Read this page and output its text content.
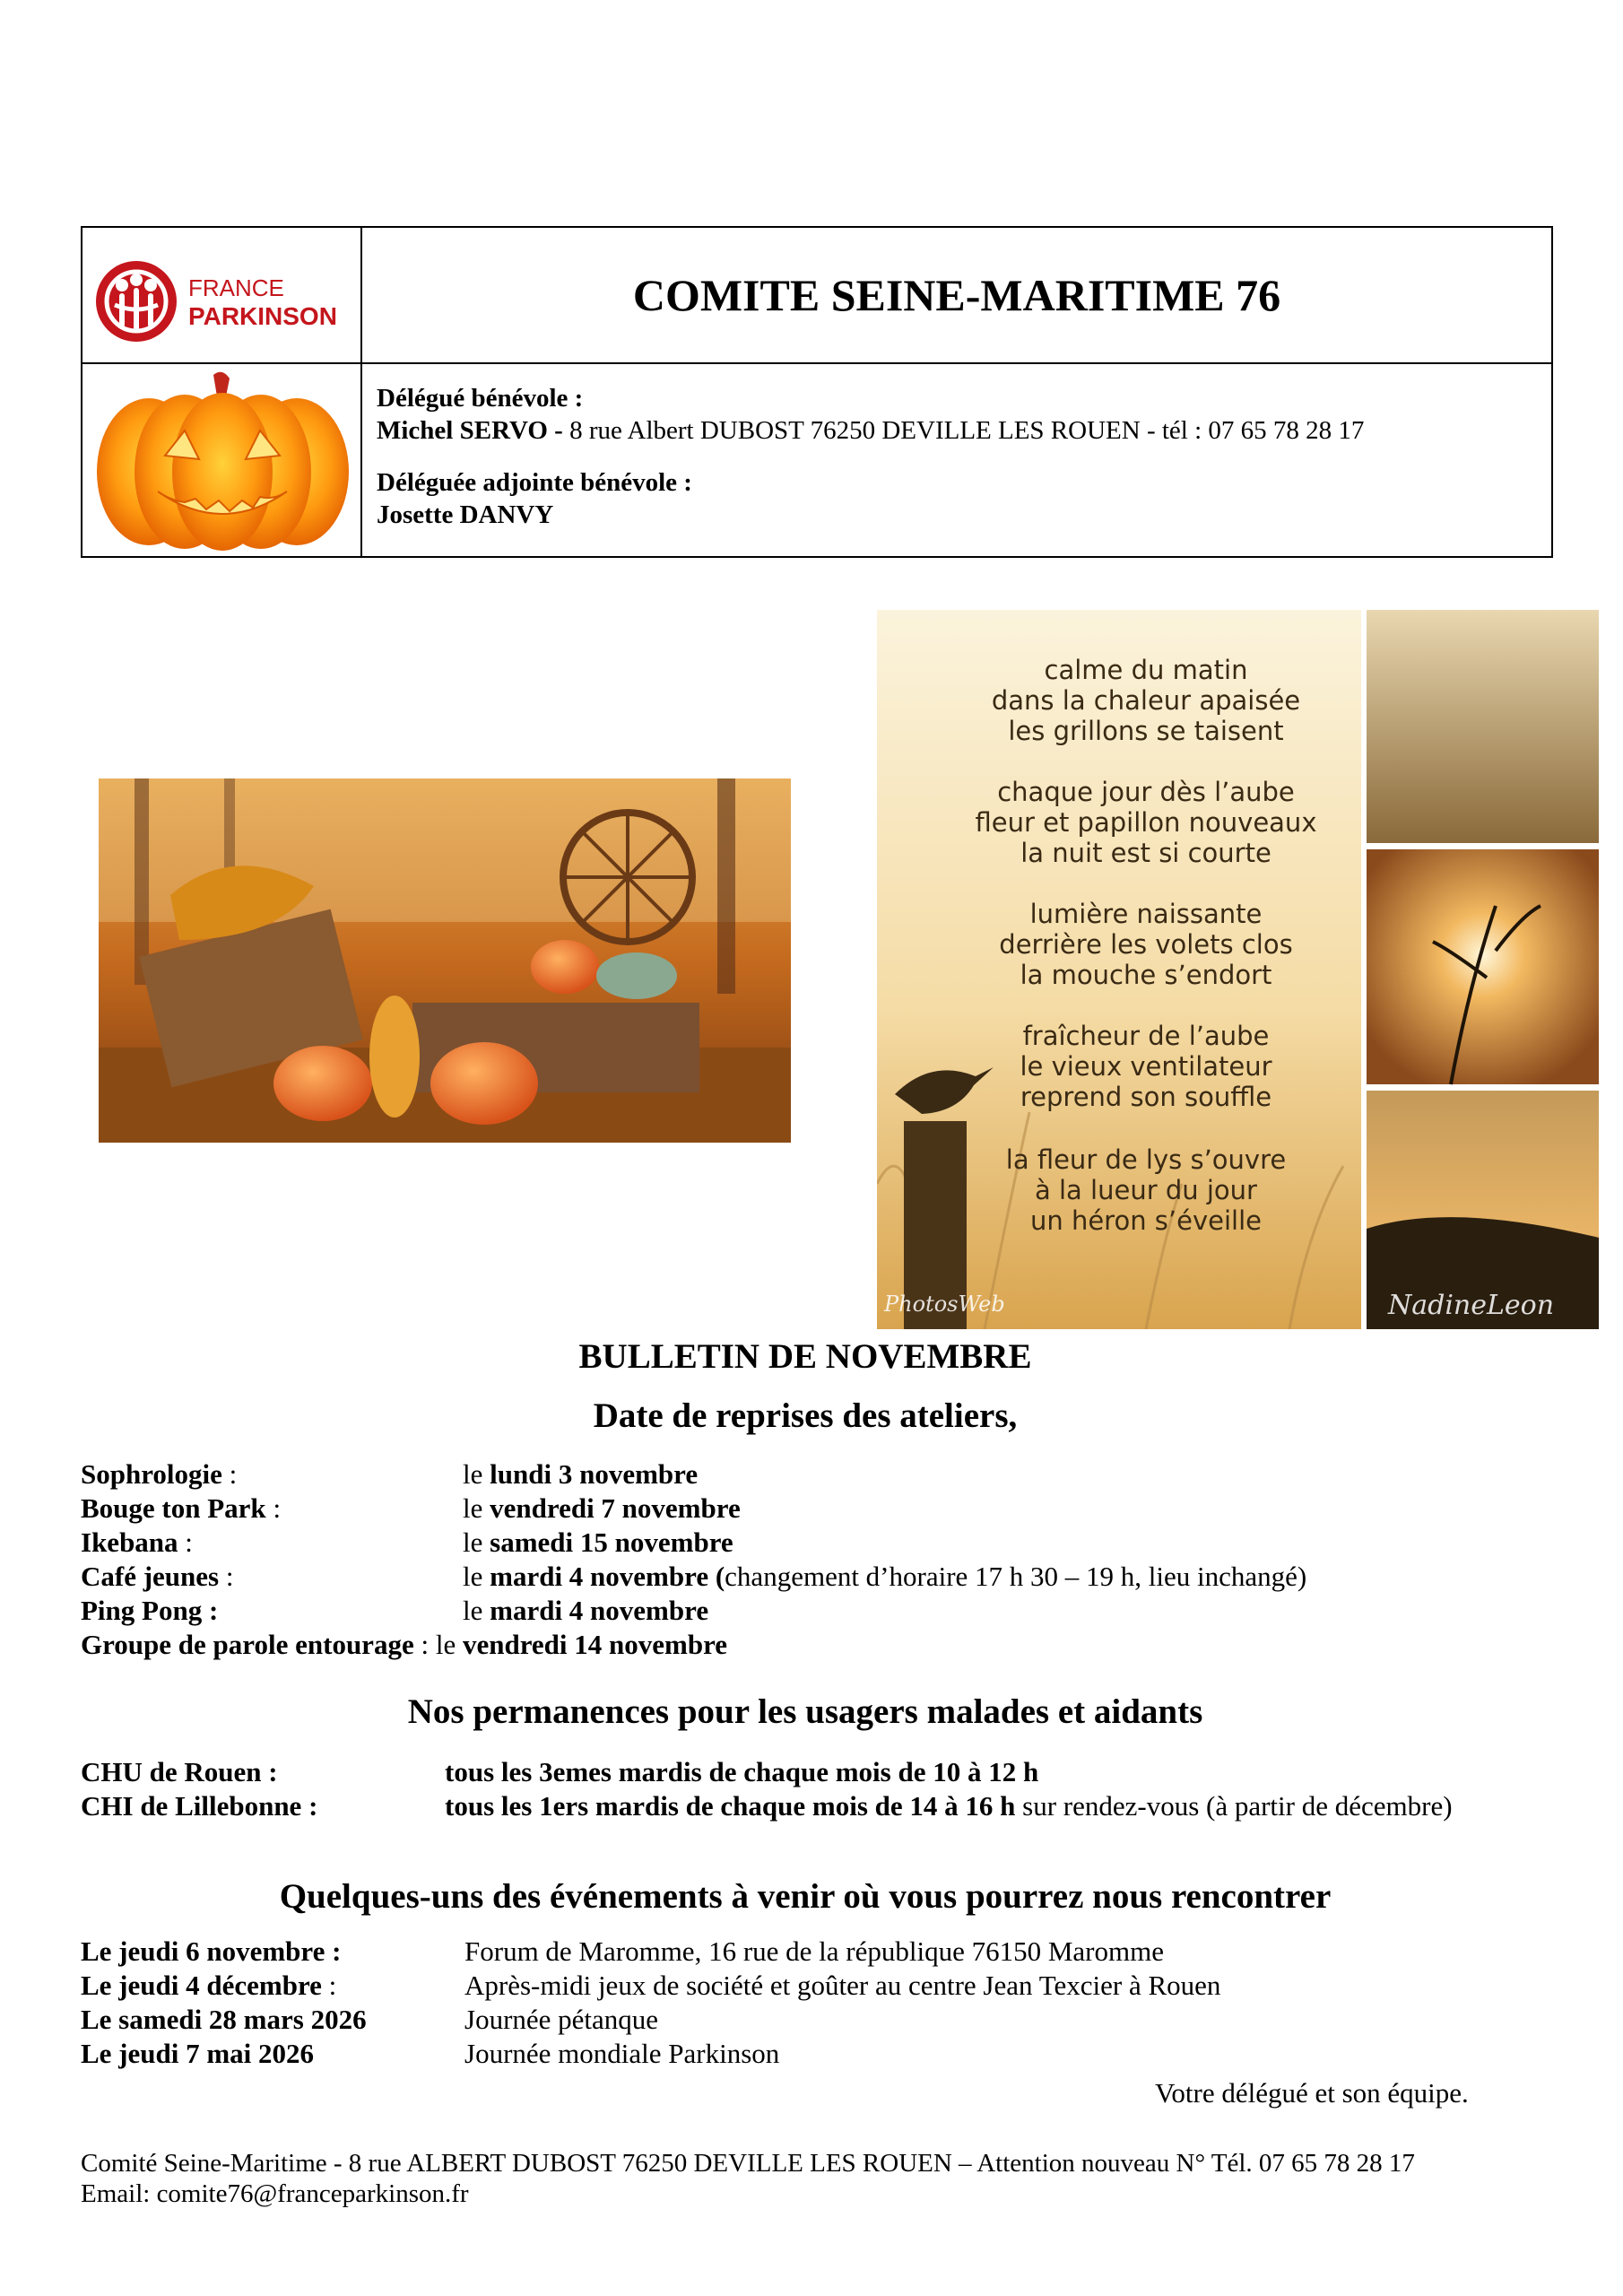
FRANCE
PARKINSON	COMITE SEINE-MARITIME 76
Délégué bénévole :
Michel SERVO - 8 rue Albert DUBOST 76250 DEVILLE LES ROUEN - tél : 07 65 78 28 17
Déléguée adjointe bénévole :
Josette DANVY
calme du matin
dans la chaleur apaisée
les grillons se taisent
chaque jour dès l’aube
fleur et papillon nouveaux
la nuit est si courte
lumière naissante
derrière les volets clos
la mouche s’endort
fraîcheur de l’aube
le vieux ventilateur
reprend son souffle
la fleur de lys s’ouvre
à la lueur du jour
un héron s’éveille
PhotosWeb	NadineLeon
BULLETIN DE NOVEMBRE
Date de reprises des ateliers,
Sophrologie :	le lundi 3 novembre
Bouge ton Park :	le vendredi 7 novembre
Ikebana :	le samedi 15 novembre
Café jeunes :	le mardi 4 novembre (changement d’horaire 17 h 30 – 19 h, lieu inchangé)
Ping Pong :	le mardi 4 novembre
Groupe de parole entourage : le vendredi 14 novembre
Nos permanences pour les usagers malades et aidants
CHU de Rouen :	tous les 3emes mardis de chaque mois de 10 à 12 h
CHI de Lillebonne :	tous les 1ers mardis de chaque mois de 14 à 16 h sur rendez-vous (à partir de décembre)
Quelques-uns des événements à venir où vous pourrez nous rencontrer
Le jeudi 6 novembre :	Forum de Maromme, 16 rue de la république 76150 Maromme
Le jeudi 4 décembre :	Après-midi jeux de société et goûter au centre Jean Texcier à Rouen
Le samedi 28 mars 2026	Journée pétanque
Le jeudi 7 mai 2026	Journée mondiale Parkinson
Votre délégué et son équipe.
Comité Seine-Maritime - 8 rue ALBERT DUBOST 76250 DEVILLE LES ROUEN – Attention nouveau N° Tél. 07 65 78 28 17
Email: comite76@franceparkinson.fr
